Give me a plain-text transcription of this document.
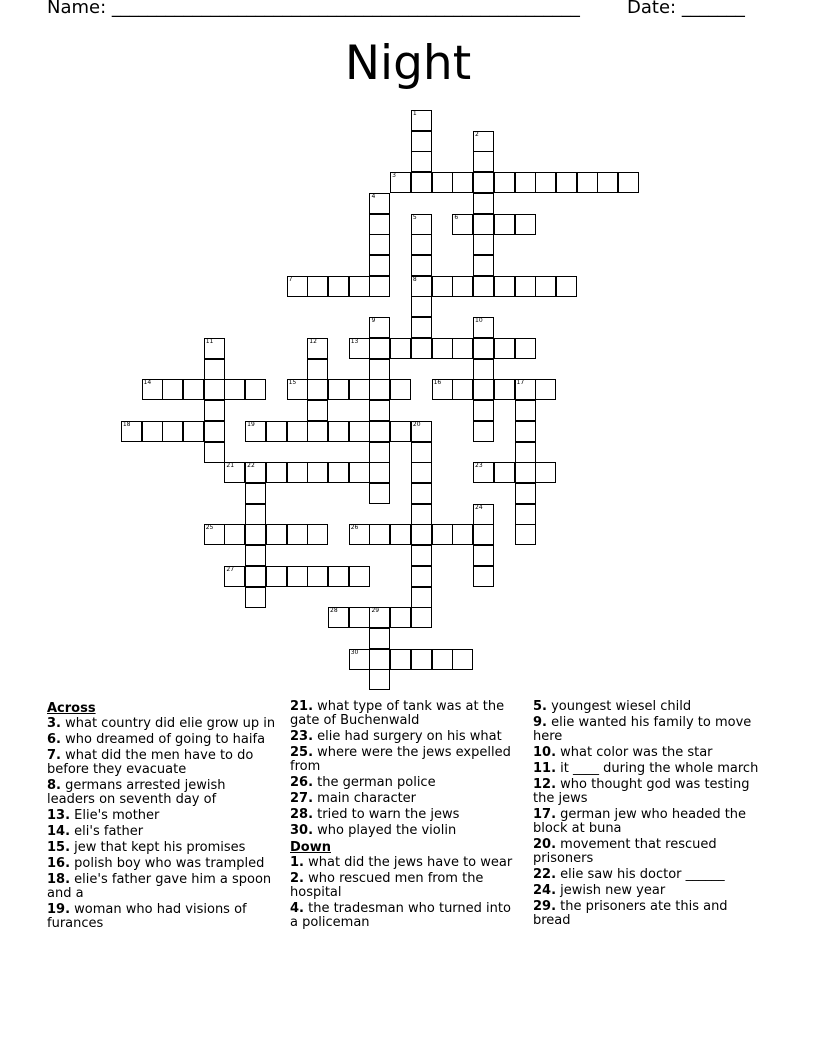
Name: ____________________________________________________	Date: _______
Night
1
2
3
4
5
8
6
7
9	10
11	12	13
14	15	16	17
18	19	20
21 22	23
24
25	26
27
28	29
30
Across
3. what country did elie grow up in
6. who dreamed of going to haifa
7. what did the men have to do before they evacuate
8. germans arrested jewish leaders on seventh day of
13. Elie's mother
14. eli's father
15. jew that kept his promises
16. polish boy who was trampled
18. elie's father gave him a spoon and a
19. woman who had visions of furances
21. what type of tank was at the gate of Buchenwald
23. elie had surgery on his what
25. where were the jews expelled from
26. the german police
27. main character
28. tried to warn the jews
30. who played the violin
Down
1. what did the jews have to wear
2. who rescued men from the hospital
4. the tradesman who turned into a policeman
5. youngest wiesel child
9. elie wanted his family to move here
10. what color was the star
11. it ____ during the whole march
12. who thought god was testing the jews
17. german jew who headed the block at buna
20. movement that rescued prisoners
22. elie saw his doctor ______
24. jewish new year
29. the prisoners ate this and bread
